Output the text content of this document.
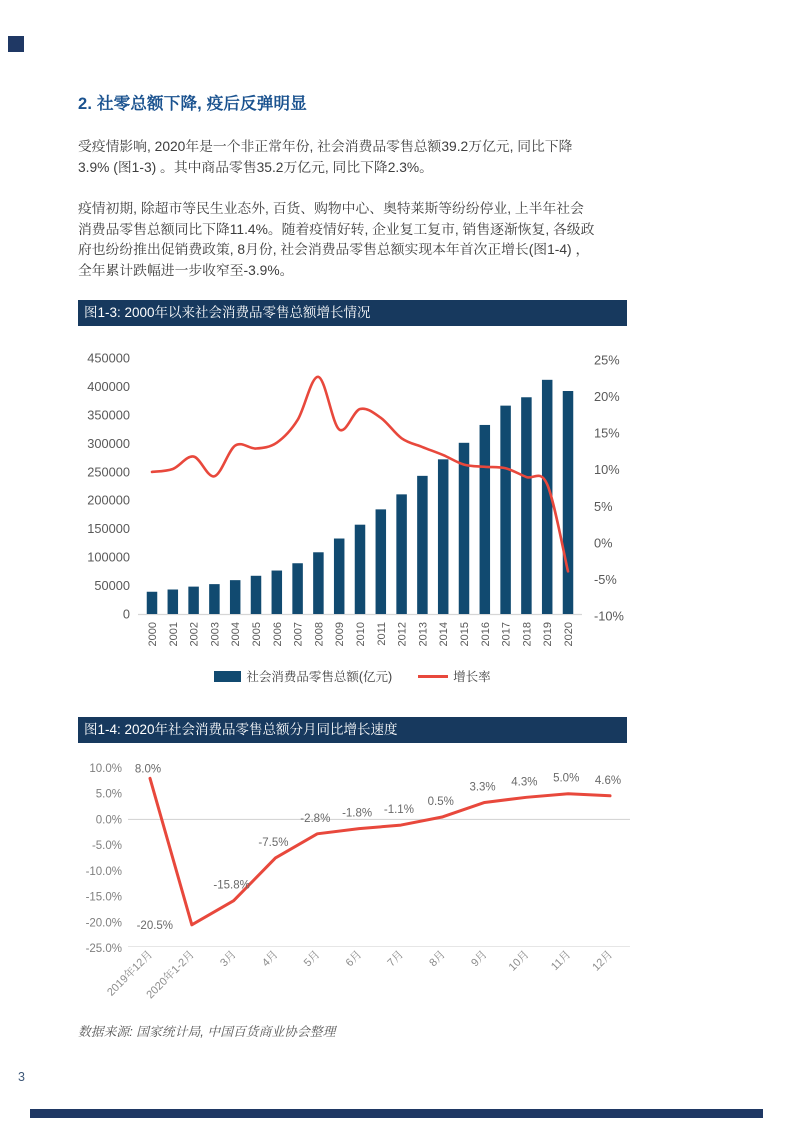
2. 社零总额下降, 疫后反弹明显
受疫情影响, 2020年是一个非正常年份, 社会消费品零售总额39.2万亿元, 同比下降
3.9% (图1-3) 。其中商品零售35.2万亿元, 同比下降2.3%。
疫情初期, 除超市等民生业态外, 百货、购物中心、奥特莱斯等纷纷停业, 上半年社会
消费品零售总额同比下降11.4%。随着疫情好转, 企业复工复市, 销售逐渐恢复, 各级政
府也纷纷推出促销费政策, 8月份, 社会消费品零售总额实现本年首次正增长(图1-4) ，
全年累计跌幅进一步收窄至-3.9%。
图1-3: 2000年以来社会消费品零售总额增长情况
0
50000
100000
150000
200000
250000
300000
350000
400000
450000
-10%
-5%
0%
5%
10%
15%
20%
25%
2000 2001 2002 2003 2004 2005 2006 2007 2008 2009 2010 2011 2012 2013 2014 2015 2016 2017 2018 2019 2020
社会消费品零售总额(亿元)	增长率
图1-4: 2020年社会消费品零售总额分月同比增长速度
10.0%
5.0%
0.0%
-5.0%
-10.0%
-15.0%
-20.0%
-25.0%
8.0%
-20.5%
-15.8%
-7.5%
-2.8% -1.8% -1.1%
0.5%
3.3% 4.3% 5.0% 4.6%
2019年12月
2020年1-2月 3月 4月 5月 6月 7月 8月 9月 10月 11月 12月
数据来源: 国家统计局, 中国百货商业协会整理
3
